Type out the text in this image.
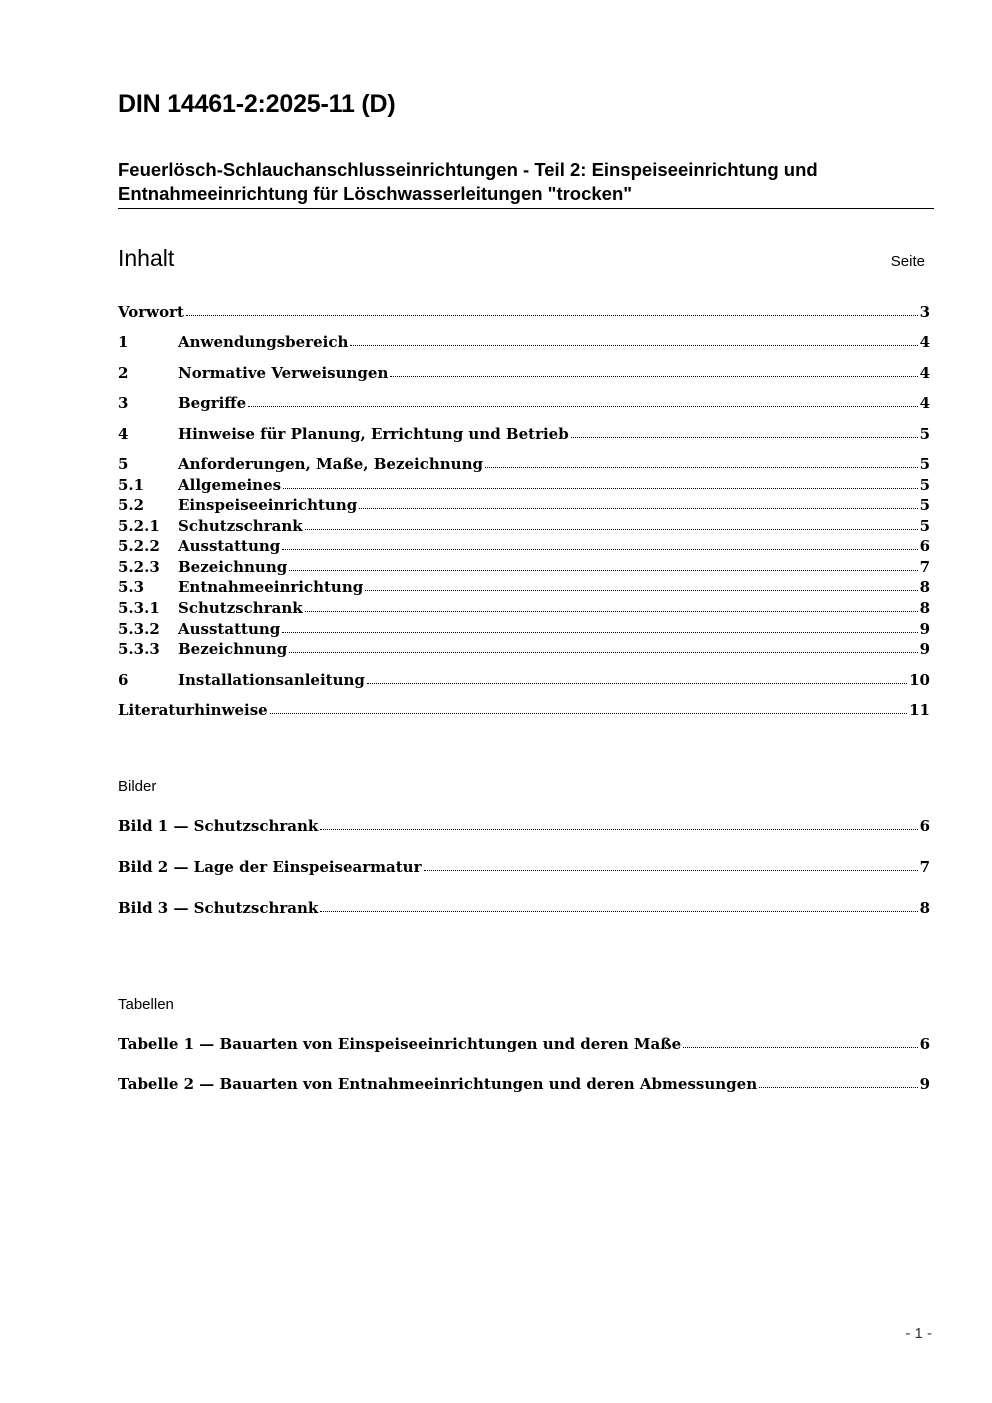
DIN 14461-2:2025-11 (D)
Feuerlösch-Schlauchanschlusseinrichtungen - Teil 2: Einspeiseeinrichtung und
Entnahmeeinrichtung für Löschwasserleitungen "trocken"
Inhalt	Seite
Vorwort	3
1	Anwendungsbereich	4
2	Normative Verweisungen	4
3	Begriffe	4
4	Hinweise für Planung, Errichtung und Betrieb	5
5	Anforderungen, Maße, Bezeichnung	5
5.1	Allgemeines	5
5.2	Einspeiseeinrichtung	5
5.2.1	Schutzschrank	5
5.2.2	Ausstattung	6
5.2.3	Bezeichnung	7
5.3	Entnahmeeinrichtung	8
5.3.1	Schutzschrank	8
5.3.2	Ausstattung	9
5.3.3	Bezeichnung	9
6	Installationsanleitung	10
Literaturhinweise	11
Bild 1 — Schutzschrank	6
Bild 2 — Lage der Einspeisearmatur	7
Bild 3 — Schutzschrank	8
Tabelle 1 — Bauarten von Einspeiseeinrichtungen und deren Maße	6
Tabelle 2 — Bauarten von Entnahmeeinrichtungen und deren Abmessungen	9
Bilder
Tabellen
- 1 -
